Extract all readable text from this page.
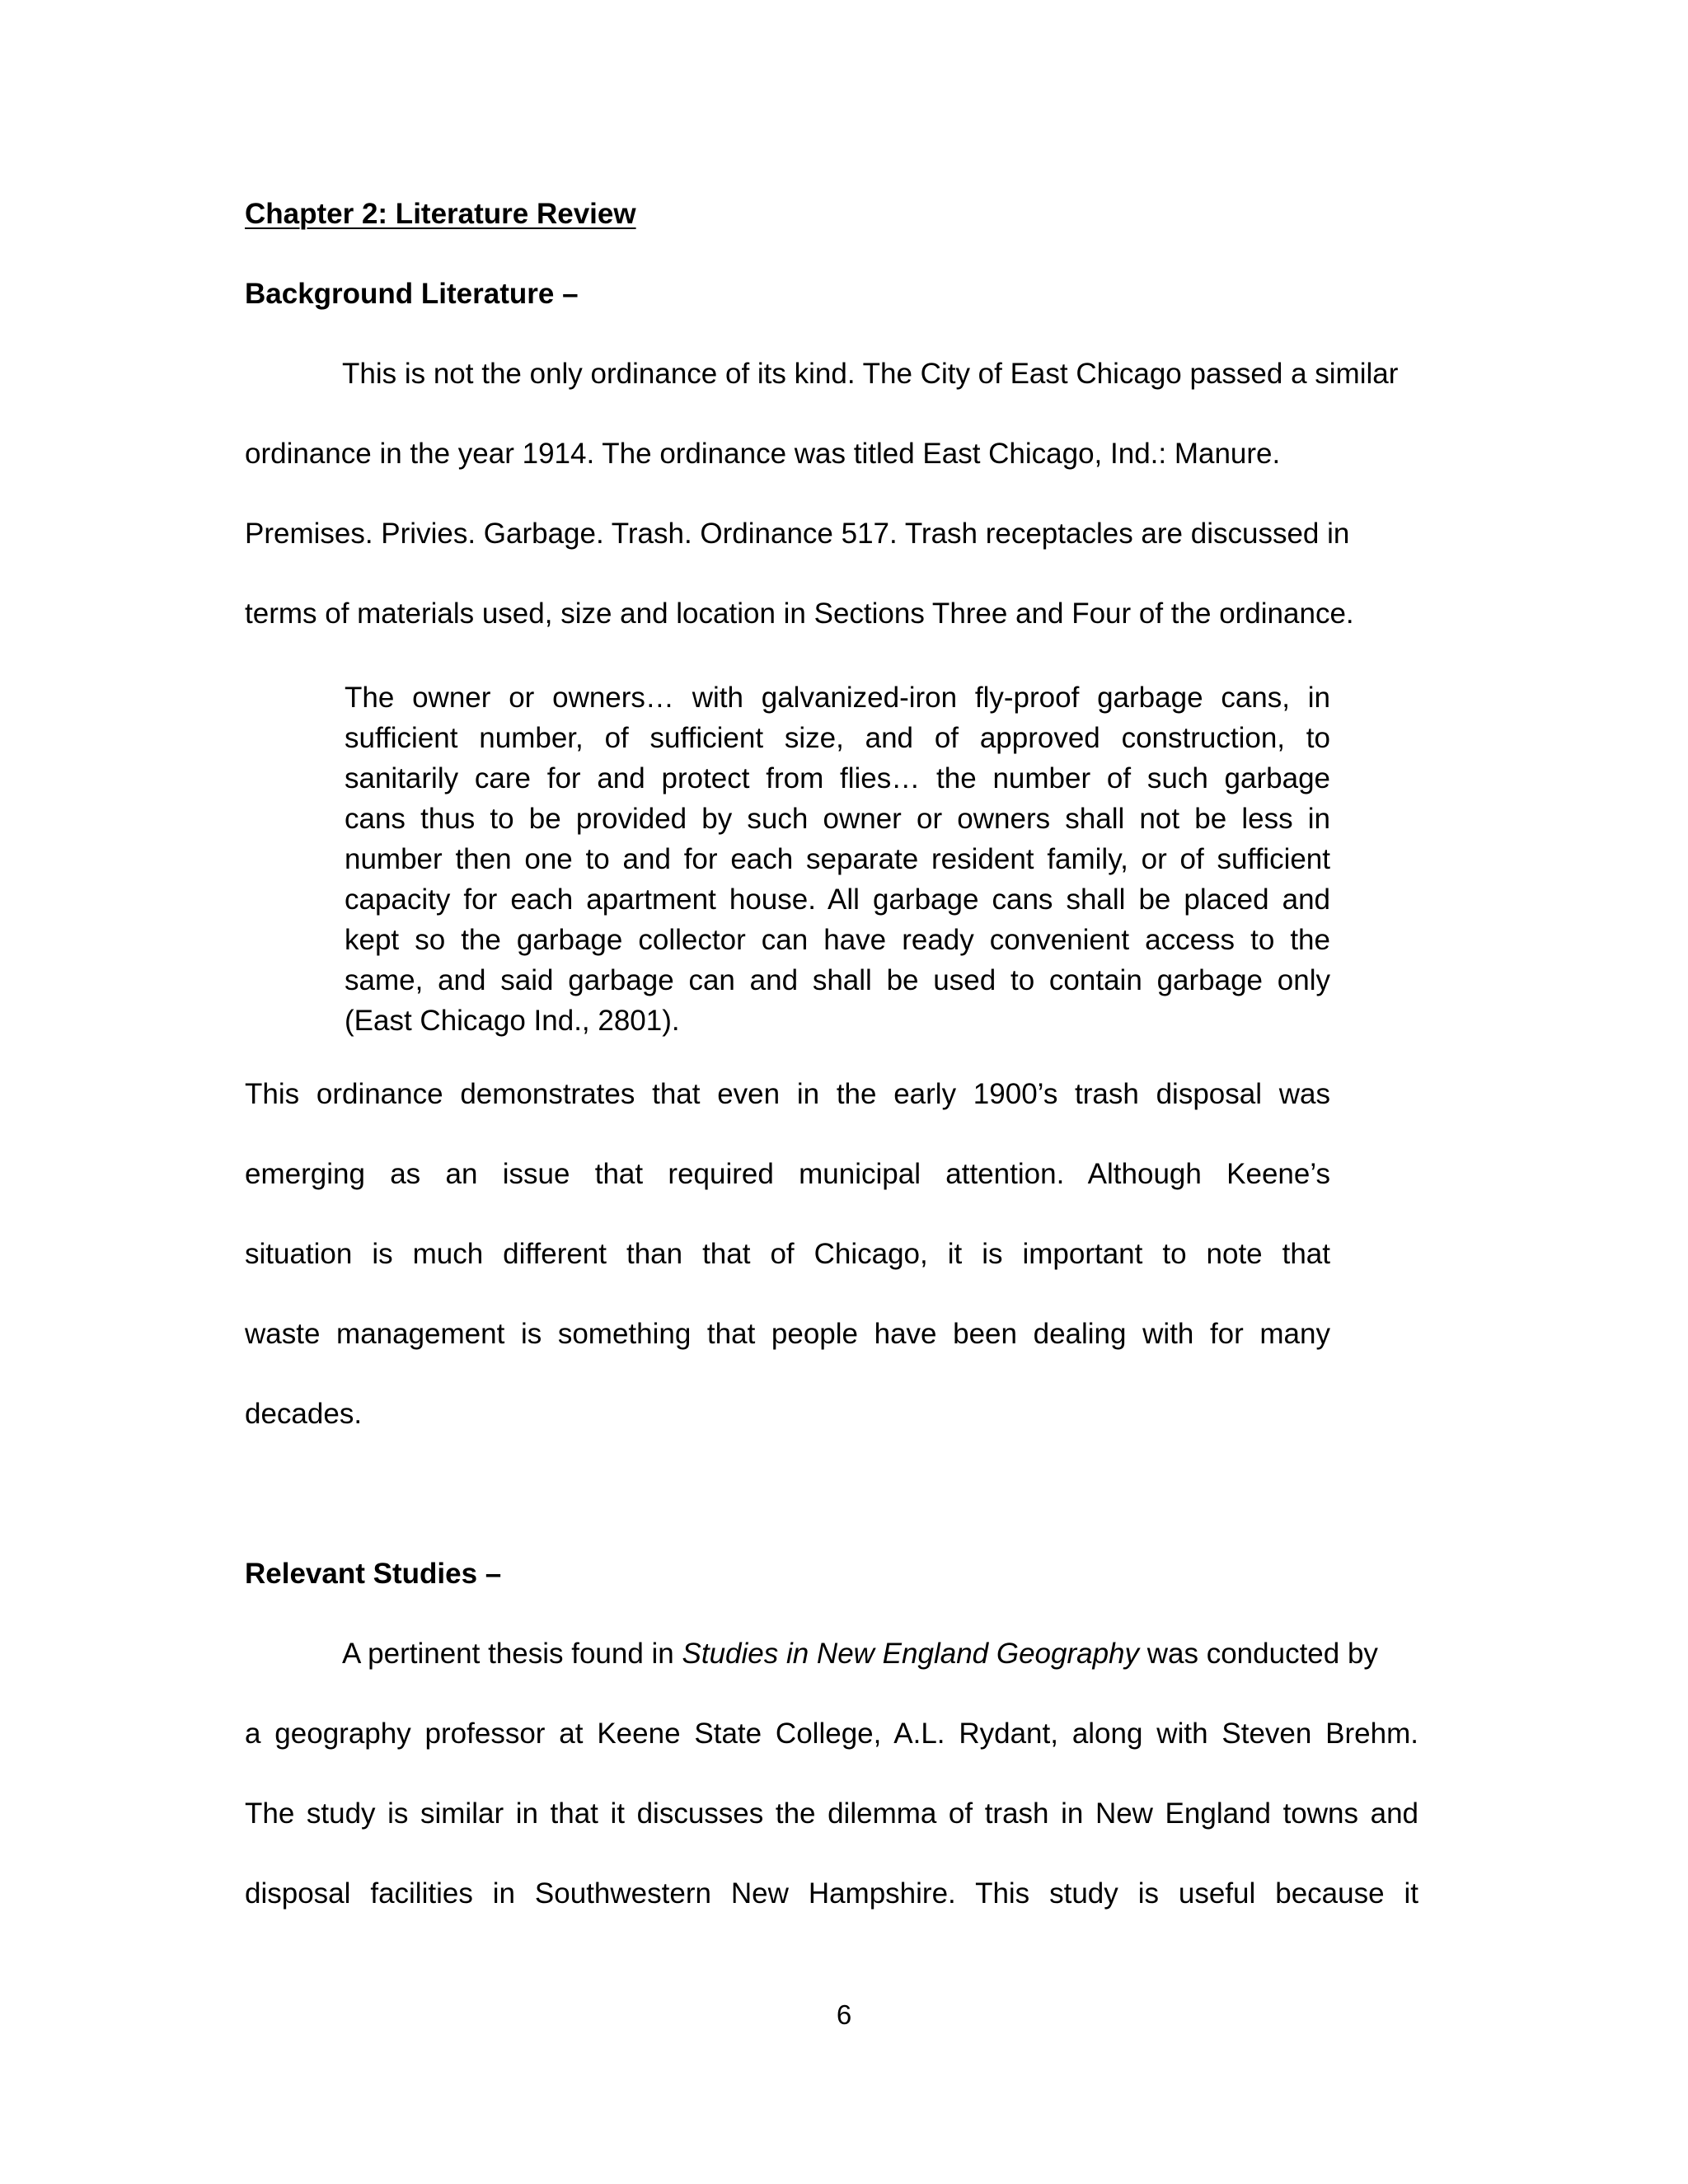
Chapter 2: Literature Review
Background Literature –
This is not the only ordinance of its kind. The City of East Chicago passed a similar
ordinance in the year 1914. The ordinance was titled East Chicago, Ind.: Manure.
Premises. Privies. Garbage. Trash. Ordinance 517. Trash receptacles are discussed in
terms of materials used, size and location in Sections Three and Four of the ordinance.
The owner or owners… with galvanized-iron fly-proof garbage cans, in
sufficient number, of sufficient size, and of approved construction, to
sanitarily care for and protect from flies… the number of such garbage
cans thus to be provided by such owner or owners shall not be less in
number then one to and for each separate resident family, or of sufficient
capacity for each apartment house. All garbage cans shall be placed and
kept so the garbage collector can have ready convenient access to the
same, and said garbage can and shall be used to contain garbage only
(East Chicago Ind., 2801).
This ordinance demonstrates that even in the early 1900’s trash disposal was
emerging as an issue that required municipal attention. Although Keene’s
situation is much different than that of Chicago, it is important to note that
waste management is something that people have been dealing with for many
decades.
Relevant Studies –
A pertinent thesis found in Studies in New England Geography was conducted by
a geography professor at Keene State College, A.L. Rydant, along with Steven Brehm.
The study is similar in that it discusses the dilemma of trash in New England towns and
disposal facilities in Southwestern New Hampshire. This study is useful because it
6
